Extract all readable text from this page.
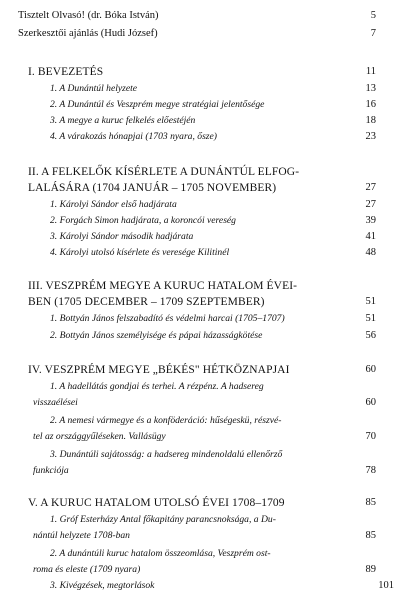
Tisztelt Olvasó! (dr. Bóka István)	5
Szerkesztői ajánlás (Hudi József)	7
I. BEVEZETÉS	11
1. A Dunántúl helyzete	13
2. A Dunántúl és Veszprém megye stratégiai jelentősége	16
3. A megye a kuruc felkelés előestéjén	18
4. A várakozás hónapjai (1703 nyara, ősze)	23
II. A FELKELŐK KÍSÉRLETE A DUNÁNTÚL ELFOG-
LALÁSÁRA (1704 JANUÁR – 1705 NOVEMBER)	27
1. Károlyi Sándor első hadjárata	27
2. Forgách Simon hadjárata, a koroncói vereség	39
3. Károlyi Sándor második hadjárata	41
4. Károlyi utolsó kísérlete és veresége Kilitinél	48
III. VESZPRÉM MEGYE A KURUC HATALOM ÉVEI-
BEN (1705 DECEMBER – 1709 SZEPTEMBER)	51
1. Bottyán János felszabadító és védelmi harcai (1705–1707)	51
2. Bottyán János személyisége és pápai házasságkötése	56
IV. VESZPRÉM MEGYE „BÉKÉS" HÉTKÖZNAPJAI	60
1. A hadellátás gondjai és terhei. A rézpénz. A hadsereg
visszaélései	60
2. A nemesi vármegye és a konföderáció: hűségeskü, részvé-
tel az országgyűléseken. Vallásügy	70
3. Dunántúli sajátosság: a hadsereg mindenoldalú ellenőrző
funkciója	78
V. A KURUC HATALOM UTOLSÓ ÉVEI 1708–1709	85
1. Gróf Esterházy Antal főkapitány parancsnoksága, a Du-
nántúl helyzete 1708-ban	85
2. A dunántúli kuruc hatalom összeomlása, Veszprém ost-
roma és eleste (1709 nyara)	89
3. Kivégzések, megtorlások	101
